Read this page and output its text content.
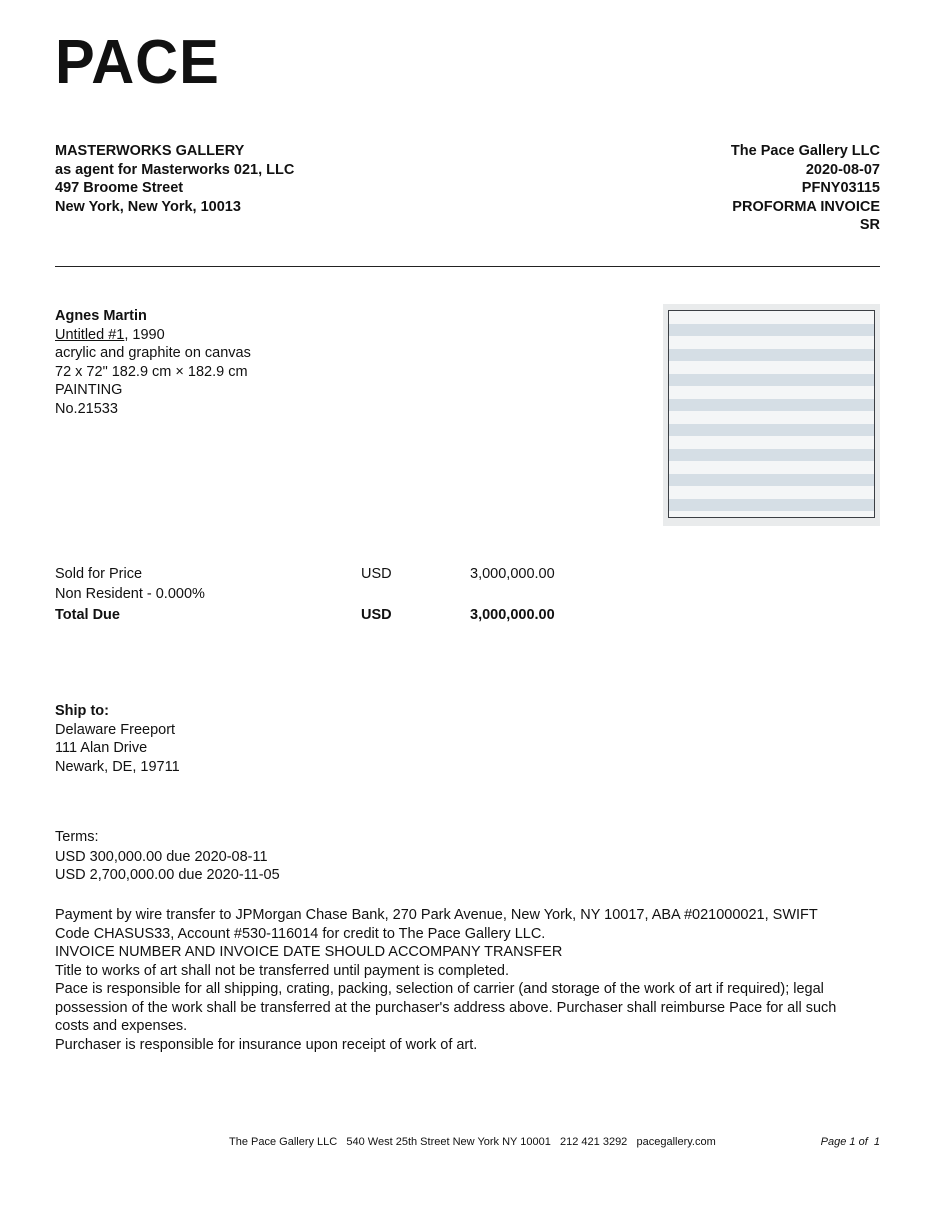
PACE
MASTERWORKS GALLERY
as agent for Masterworks 021, LLC
497 Broome Street
New York, New York, 10013
The Pace Gallery LLC
2020-08-07
PFNY03115
PROFORMA INVOICE
SR
Agnes Martin
Untitled #1, 1990
acrylic and graphite on canvas
72 x 72" 182.9 cm × 182.9 cm
PAINTING
No.21533
Sold for Price	USD	3,000,000.00
Non Resident - 0.000%
Total Due	USD	3,000,000.00
Ship to:
Delaware Freeport
111 Alan Drive
Newark, DE, 19711
Terms:
USD 300,000.00 due 2020-08-11
USD 2,700,000.00 due 2020-11-05
Payment by wire transfer to JPMorgan Chase Bank, 270 Park Avenue, New York, NY 10017, ABA #021000021, SWIFT
Code CHASUS33, Account #530-116014 for credit to The Pace Gallery LLC.
INVOICE NUMBER AND INVOICE DATE SHOULD ACCOMPANY TRANSFER
Title to works of art shall not be transferred until payment is completed.
Pace is responsible for all shipping, crating, packing, selection of carrier (and storage of the work of art if required); legal
possession of the work shall be transferred at the purchaser's address above. Purchaser shall reimburse Pace for all such
costs and expenses.
Purchaser is responsible for insurance upon receipt of work of art.
The Pace Gallery LLC 540 West 25th Street New York NY 10001 212 421 3292 pacegallery.com	Page 1 of  1
